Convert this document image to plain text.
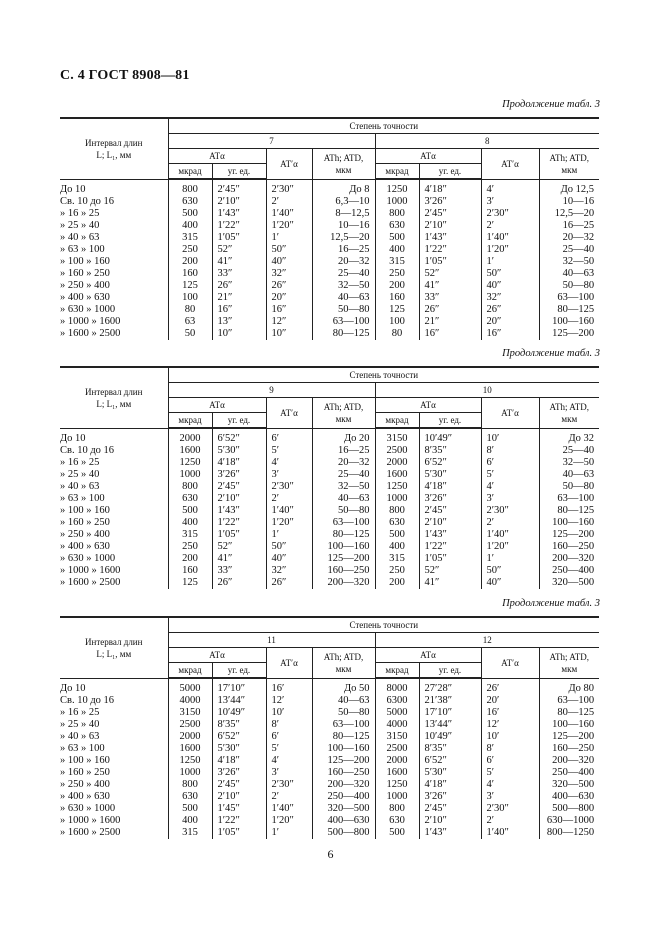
С. 4 ГОСТ 8908—81
Продолжение табл. 3
Интервал длин
L; L₁, мм	Степень точности							
	7				8			
	ATα		AT′α	ATh; ATD,
мкм	ATα		AT′α	ATh; ATD,
мкм
	мкрад	уг. ед.			мкрад	уг. ед.		
До 10	800	2′45″	2′30″	До 8	1250	4′18″	4′	До 12,5
Св. 10 до 16	630	2′10″	2′	6,3—10	1000	3′26″	3′	10—16
» 16 » 25	500	1′43″	1′40″	8—12,5	800	2′45″	2′30″	12,5—20
» 25 » 40	400	1′22″	1′20″	10—16	630	2′10″	2′	16—25
» 40 » 63	315	1′05″	1′	12,5—20	500	1′43″	1′40″	20—32
» 63 » 100	250	52″	50″	16—25	400	1′22″	1′20″	25—40
» 100 » 160	200	41″	40″	20—32	315	1′05″	1′	32—50
» 160 » 250	160	33″	32″	25—40	250	52″	50″	40—63
» 250 » 400	125	26″	26″	32—50	200	41″	40″	50—80
» 400 » 630	100	21″	20″	40—63	160	33″	32″	63—100
» 630 » 1000	80	16″	16″	50—80	125	26″	26″	80—125
» 1000 » 1600	63	13″	12″	63—100	100	21″	20″	100—160
» 1600 » 2500	50	10″	10″	80—125	80	16″	16″	125—200
Продолжение табл. 3
Интервал длин
L; L₁, мм	Степень точности							
	9				10			
	ATα		AT′α	ATh; ATD,
мкм	ATα		AT′α	ATh; ATD,
мкм
	мкрад	уг. ед.			мкрад	уг. ед.		
До 10	2000	6′52″	6′	До 20	3150	10′49″	10′	До 32
Св. 10 до 16	1600	5′30″	5′	16—25	2500	8′35″	8′	25—40
» 16 » 25	1250	4′18″	4′	20—32	2000	6′52″	6′	32—50
» 25 » 40	1000	3′26″	3′	25—40	1600	5′30″	5′	40—63
» 40 » 63	800	2′45″	2′30″	32—50	1250	4′18″	4′	50—80
» 63 » 100	630	2′10″	2′	40—63	1000	3′26″	3′	63—100
» 100 » 160	500	1′43″	1′40″	50—80	800	2′45″	2′30″	80—125
» 160 » 250	400	1′22″	1′20″	63—100	630	2′10″	2′	100—160
» 250 » 400	315	1′05″	1′	80—125	500	1′43″	1′40″	125—200
» 400 » 630	250	52″	50″	100—160	400	1′22″	1′20″	160—250
» 630 » 1000	200	41″	40″	125—200	315	1′05″	1′	200—320
» 1000 » 1600	160	33″	32″	160—250	250	52″	50″	250—400
» 1600 » 2500	125	26″	26″	200—320	200	41″	40″	320—500
Продолжение табл. 3
Интервал длин
L; L₁, мм	Степень точности							
	11				12			
	ATα		AT′α	ATh; ATD,
мкм	ATα		AT′α	ATh; ATD,
мкм
	мкрад	уг. ед.			мкрад	уг. ед.		
До 10	5000	17′10″	16′	До 50	8000	27′28″	26′	До 80
Св. 10 до 16	4000	13′44″	12′	40—63	6300	21′38″	20′	63—100
» 16 » 25	3150	10′49″	10′	50—80	5000	17′10″	16′	80—125
» 25 » 40	2500	8′35″	8′	63—100	4000	13′44″	12′	100—160
» 40 » 63	2000	6′52″	6′	80—125	3150	10′49″	10′	125—200
» 63 » 100	1600	5′30″	5′	100—160	2500	8′35″	8′	160—250
» 100 » 160	1250	4′18″	4′	125—200	2000	6′52″	6′	200—320
» 160 » 250	1000	3′26″	3′	160—250	1600	5′30″	5′	250—400
» 250 » 400	800	2′45″	2′30″	200—320	1250	4′18″	4′	320—500
» 400 » 630	630	2′10″	2′	250—400	1000	3′26″	3′	400—630
» 630 » 1000	500	1′45″	1′40″	320—500	800	2′45″	2′30″	500—800
» 1000 » 1600	400	1′22″	1′20″	400—630	630	2′10″	2′	630—1000
» 1600 » 2500	315	1′05″	1′	500—800	500	1′43″	1′40″	800—1250
6
